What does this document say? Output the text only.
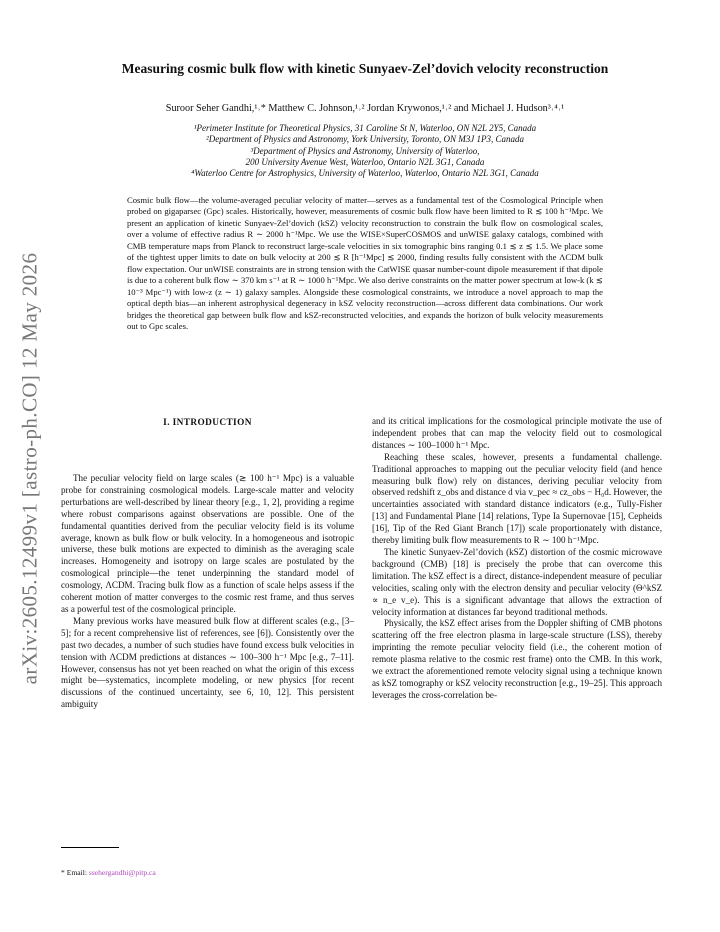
arXiv:2605.12499v1 [astro-ph.CO] 12 May 2026
Measuring cosmic bulk flow with kinetic Sunyaev-Zel’dovich velocity reconstruction
Suroor Seher Gandhi,¹˒* Matthew C. Johnson,¹˒² Jordan Krywonos,¹˒² and Michael J. Hudson³˒⁴˒¹
¹Perimeter Institute for Theoretical Physics, 31 Caroline St N, Waterloo, ON N2L 2Y5, Canada
²Department of Physics and Astronomy, York University, Toronto, ON M3J 1P3, Canada
³Department of Physics and Astronomy, University of Waterloo,
200 University Avenue West, Waterloo, Ontario N2L 3G1, Canada
⁴Waterloo Centre for Astrophysics, University of Waterloo, Waterloo, Ontario N2L 3G1, Canada
Cosmic bulk flow—the volume-averaged peculiar velocity of matter—serves as a fundamental test of the Cosmological Principle when probed on gigaparsec (Gpc) scales. Historically, however, measurements of cosmic bulk flow have been limited to R ≲ 100 h⁻¹Mpc. We present an application of kinetic Sunyaev-Zel’dovich (kSZ) velocity reconstruction to constrain the bulk flow on cosmological scales, over a volume of effective radius R ∼ 2000 h⁻¹Mpc. We use the WISE×SuperCOSMOS and unWISE galaxy catalogs, combined with CMB temperature maps from Planck to reconstruct large-scale velocities in six tomographic bins ranging 0.1 ≲ z ≲ 1.5. We place some of the tightest upper limits to date on bulk velocity at 200 ≲ R [h⁻¹Mpc] ≲ 2000, finding results fully consistent with the ΛCDM bulk flow expectation. Our unWISE constraints are in strong tension with the CatWISE quasar number-count dipole measurement if that dipole is due to a coherent bulk flow ∼ 370 km s⁻¹ at R ∼ 1000 h⁻¹Mpc. We also derive constraints on the matter power spectrum at low-k (k ≲ 10⁻³ Mpc⁻¹) with low-z (z ∼ 1) galaxy samples. Alongside these cosmological constraints, we introduce a novel approach to map the optical depth bias—an inherent astrophysical degeneracy in kSZ velocity reconstruction—across different data combinations. Our work bridges the theoretical gap between bulk flow and kSZ-reconstructed velocities, and expands the horizon of bulk velocity measurements out to Gpc scales.
I. INTRODUCTION

The peculiar velocity field on large scales (≳ 100 h⁻¹ Mpc) is a valuable probe for constraining cosmological models. Large-scale matter and velocity perturbations are well-described by linear theory [e.g., 1, 2], providing a regime where robust comparisons against observations are possible. One of the fundamental quantities derived from the peculiar velocity field is its volume average, known as bulk flow or bulk velocity. In a homogeneous and isotropic universe, these bulk motions are expected to diminish as the averaging scale increases. Homogeneity and isotropy on large scales are postulated by the cosmological principle—the tenet underpinning the standard model of cosmology, ΛCDM. Tracing bulk flow as a function of scale helps assess if the coherent motion of matter converges to the cosmic rest frame, and thus serves as a powerful test of the cosmological principle.

Many previous works have measured bulk flow at different scales (e.g., [3–5]; for a recent comprehensive list of references, see [6]). Consistently over the past two decades, a number of such studies have found excess bulk velocities in tension with ΛCDM predictions at distances ∼ 100–300 h⁻¹ Mpc [e.g., 7–11]. However, consensus has not yet been reached on what the origin of this excess might be—systematics, incomplete modeling, or new physics [for recent discussions of the continued uncertainty, see 6, 10, 12]. This persistent ambiguity

and its critical implications for the cosmological principle motivate the use of independent probes that can map the velocity field out to cosmological distances ∼ 100–1000 h⁻¹ Mpc.

Reaching these scales, however, presents a fundamental challenge. Traditional approaches to mapping out the peculiar velocity field (and hence measuring bulk flow) rely on distances, deriving peculiar velocity from observed redshift z_obs and distance d via v_pec ≈ cz_obs − H₀d. However, the uncertainties associated with standard distance indicators (e.g., Tully-Fisher [13] and Fundamental Plane [14] relations, Type Ia Supernovae [15], Cepheids [16], Tip of the Red Giant Branch [17]) scale proportionately with distance, thereby limiting bulk flow measurements to R ∼ 100 h⁻¹Mpc.

The kinetic Sunyaev-Zel’dovich (kSZ) distortion of the cosmic microwave background (CMB) [18] is precisely the probe that can overcome this limitation. The kSZ effect is a direct, distance-independent measure of peculiar velocities, scaling only with the electron density and peculiar velocity (Θ^kSZ ∝ n_e v_e). This is a significant advantage that allows the extraction of velocity information at distances far beyond traditional methods.

Physically, the kSZ effect arises from the Doppler shifting of CMB photons scattering off the free electron plasma in large-scale structure (LSS), thereby imprinting the remote peculiar velocity field (i.e., the coherent motion of remote plasma relative to the cosmic rest frame) onto the CMB. In this work, we extract the aforementioned remote velocity signal using a technique known as kSZ tomography or kSZ velocity reconstruction [e.g., 19–25]. This approach leverages the cross-correlation be-

* Email: ssehergandhi@pitp.ca
